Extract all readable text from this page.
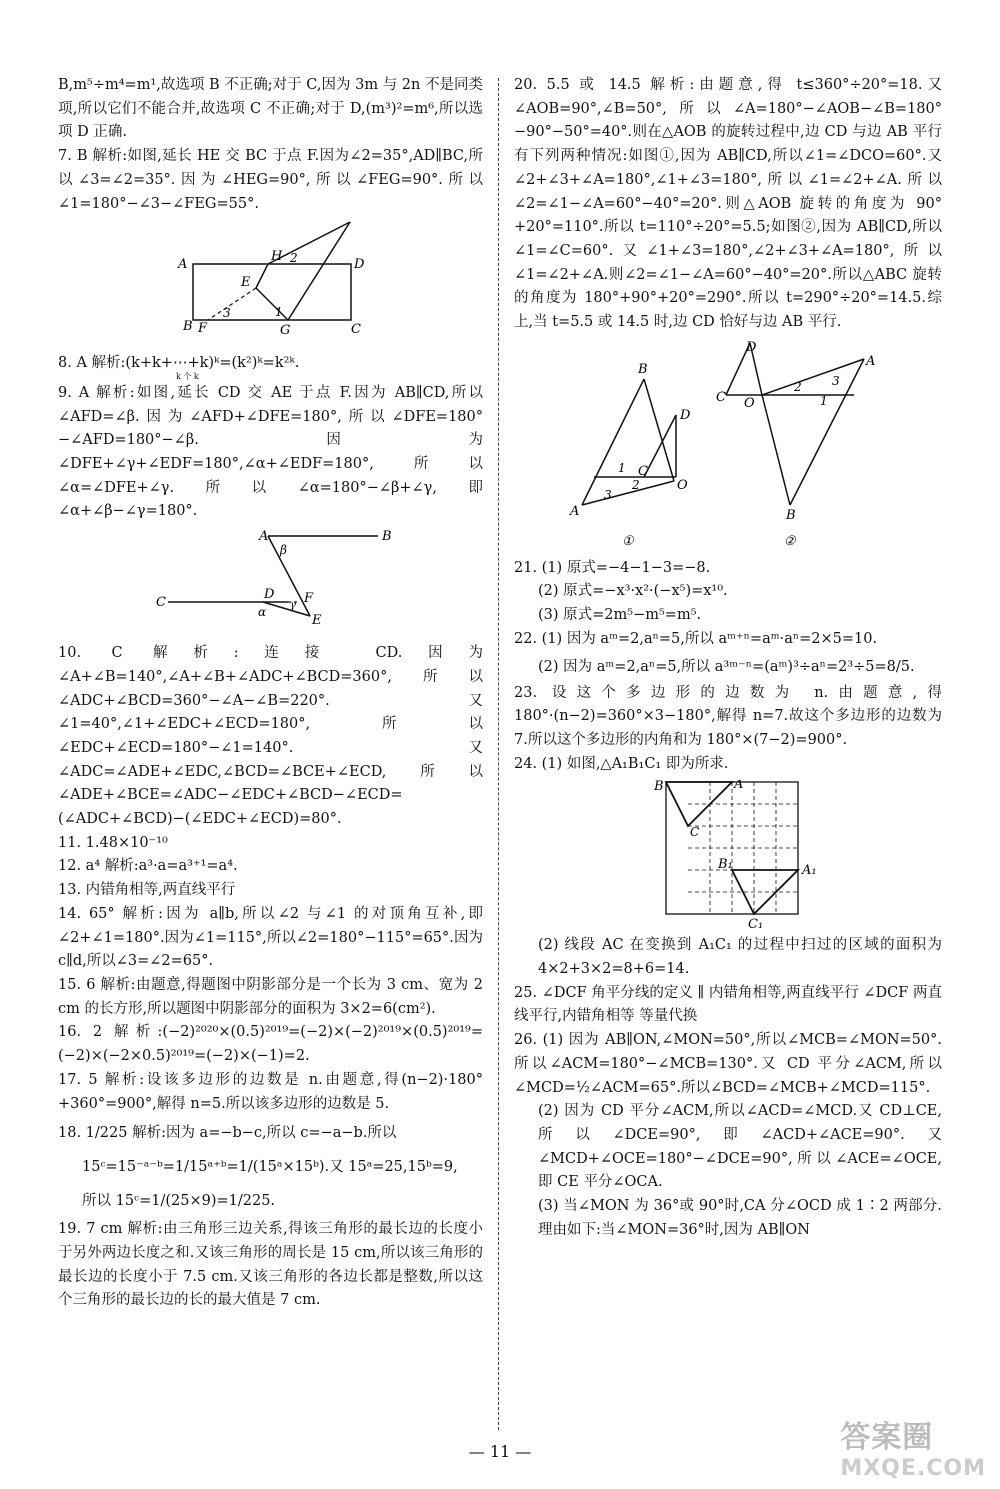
B,m⁵÷m⁴=m¹,故选项 B 不正确;对于 C,因为 3m 与 2n 不是同类项,所以它们不能合并,故选项 C 不正确;对于 D,(m³)²=m⁶,所以选项 D 正确.

7. B 解析:如图,延长 HE 交 BC 于点 F.因为∠2=35°,AD∥BC,所以∠3=∠2=35°.因为∠HEG=90°,所以∠FEG=90°.所以∠1=180°−∠3−∠FEG=55°.

A	D
B	C
H
E
F	G
2
3	1

8. A 解析:(k+k+⋯+k)ᵏ=(k²)ᵏ=k²ᵏ.

k 个 k

9. A 解析:如图,延长 CD 交 AE 于点 F.因为 AB∥CD,所以∠AFD=∠β.因为∠AFD+∠DFE=180°,所以∠DFE=180°−∠AFD=180°−∠β.因为∠DFE+∠γ+∠EDF=180°,∠α+∠EDF=180°,所以∠α=∠DFE+∠γ.所以∠α=180°−∠β+∠γ,即∠α+∠β−∠γ=180°.

A	B
C
D F
E
β
α γ

10. C 解析:连接 CD.因为∠A+∠B=140°,∠A+∠B+∠ADC+∠BCD=360°,所以∠ADC+∠BCD=360°−∠A−∠B=220°.又∠1=40°,∠1+∠EDC+∠ECD=180°,所以∠EDC+∠ECD=180°−∠1=140°.又∠ADC=∠ADE+∠EDC,∠BCD=∠BCE+∠ECD,所以∠ADE+∠BCE=∠ADC−∠EDC+∠BCD−∠ECD=(∠ADC+∠BCD)−(∠EDC+∠ECD)=80°.

11. 1.48×10⁻¹⁰

12. a⁴ 解析:a³·a=a³⁺¹=a⁴.

13. 内错角相等,两直线平行

14. 65° 解析:因为 a∥b,所以∠2 与∠1 的对顶角互补,即∠2+∠1=180°.因为∠1=115°,所以∠2=180°−115°=65°.因为 c∥d,所以∠3=∠2=65°.

15. 6 解析:由题意,得题图中阴影部分是一个长为 3 cm、宽为 2 cm 的长方形,所以题图中阴影部分的面积为 3×2=6(cm²).

16. 2 解析:(−2)²⁰²⁰×(0.5)²⁰¹⁹=(−2)×(−2)²⁰¹⁹×(0.5)²⁰¹⁹=(−2)×(−2×0.5)²⁰¹⁹=(−2)×(−1)=2.

17. 5 解析:设该多边形的边数是 n.由题意,得(n−2)·180°+360°=900°,解得 n=5.所以该多边形的边数是 5.

18. 1/225 解析:因为 a=−b−c,所以 c=−a−b.所以

15ᶜ=15⁻ᵃ⁻ᵇ=1/15ᵃ⁺ᵇ=1/(15ᵃ×15ᵇ).又 15ᵃ=25,15ᵇ=9,

所以 15ᶜ=1/(25×9)=1/225.

19. 7 cm 解析:由三角形三边关系,得该三角形的最长边的长度小于另外两边长度之和.又该三角形的周长是 15 cm,所以该三角形的最长边的长度小于 7.5 cm.又该三角形的各边长都是整数,所以这个三角形的最长边的长的最大值是 7 cm.

20. 5.5 或 14.5 解析:由题意,得 t≤360°÷20°=18.又∠AOB=90°,∠B=50°,所以∠A=180°−∠AOB−∠B=180°−90°−50°=40°.则在△AOB 的旋转过程中,边 CD 与边 AB 平行有下列两种情况:如图①,因为 AB∥CD,所以∠1=∠DCO=60°.又∠2+∠3+∠A=180°,∠1+∠3=180°,所以∠1=∠2+∠A.所以∠2=∠1−∠A=60°−40°=20°.则△AOB 旋转的角度为 90°+20°=110°.所以 t=110°÷20°=5.5;如图②,因为 AB∥CD,所以∠1=∠C=60°.又∠1+∠3=180°,∠2+∠3+∠A=180°,所以∠1=∠2+∠A.则∠2=∠1−∠A=60°−40°=20°.所以△ABC 旋转的角度为 180°+90°+20°=290°.所以 t=290°÷20°=14.5.综上,当 t=5.5 或 14.5 时,边 CD 恰好与边 AB 平行.

B
D
C
O
A
1
2
3
①
D
C O
A
B
2	3
1
②

21. (1) 原式=−4−1−3=−8.

(2) 原式=−x³·x²·(−x⁵)=x¹⁰.

(3) 原式=2m⁵−m⁵=m⁵.

22. (1) 因为 aᵐ=2,aⁿ=5,所以 aᵐ⁺ⁿ=aᵐ·aⁿ=2×5=10.

(2) 因为 aᵐ=2,aⁿ=5,所以 a³ᵐ⁻ⁿ=(aᵐ)³÷aⁿ=2³÷5=8/5.

23. 设这个多边形的边数为 n.由题意,得 180°·(n−2)=360°×3−180°,解得 n=7.故这个多边形的边数为 7.所以这个多边形的内角和为 180°×(7−2)=900°.

24. (1) 如图,△A₁B₁C₁ 即为所求.

B	A
C
B₁	A₁
C₁

(2) 线段 AC 在变换到 A₁C₁ 的过程中扫过的区域的面积为 4×2+3×2=8+6=14.

25. ∠DCF 角平分线的定义 ∥ 内错角相等,两直线平行 ∠DCF 两直线平行,内错角相等 等量代换

26. (1) 因为 AB∥ON,∠MON=50°,所以∠MCB=∠MON=50°.所以∠ACM=180°−∠MCB=130°.又 CD 平分∠ACM,所以∠MCD=½∠ACM=65°.所以∠BCD=∠MCB+∠MCD=115°.

(2) 因为 CD 平分∠ACM,所以∠ACD=∠MCD.又 CD⊥CE,所以∠DCE=90°,即∠ACD+∠ACE=90°.又∠MCD+∠OCE=180°−∠DCE=90°,所以∠ACE=∠OCE,即 CE 平分∠OCA.

(3) 当∠MON 为 36°或 90°时,CA 分∠OCD 成 1∶2 两部分.理由如下:当∠MON=36°时,因为 AB∥ON

— 11 —	答案圈
MXQE.COM
